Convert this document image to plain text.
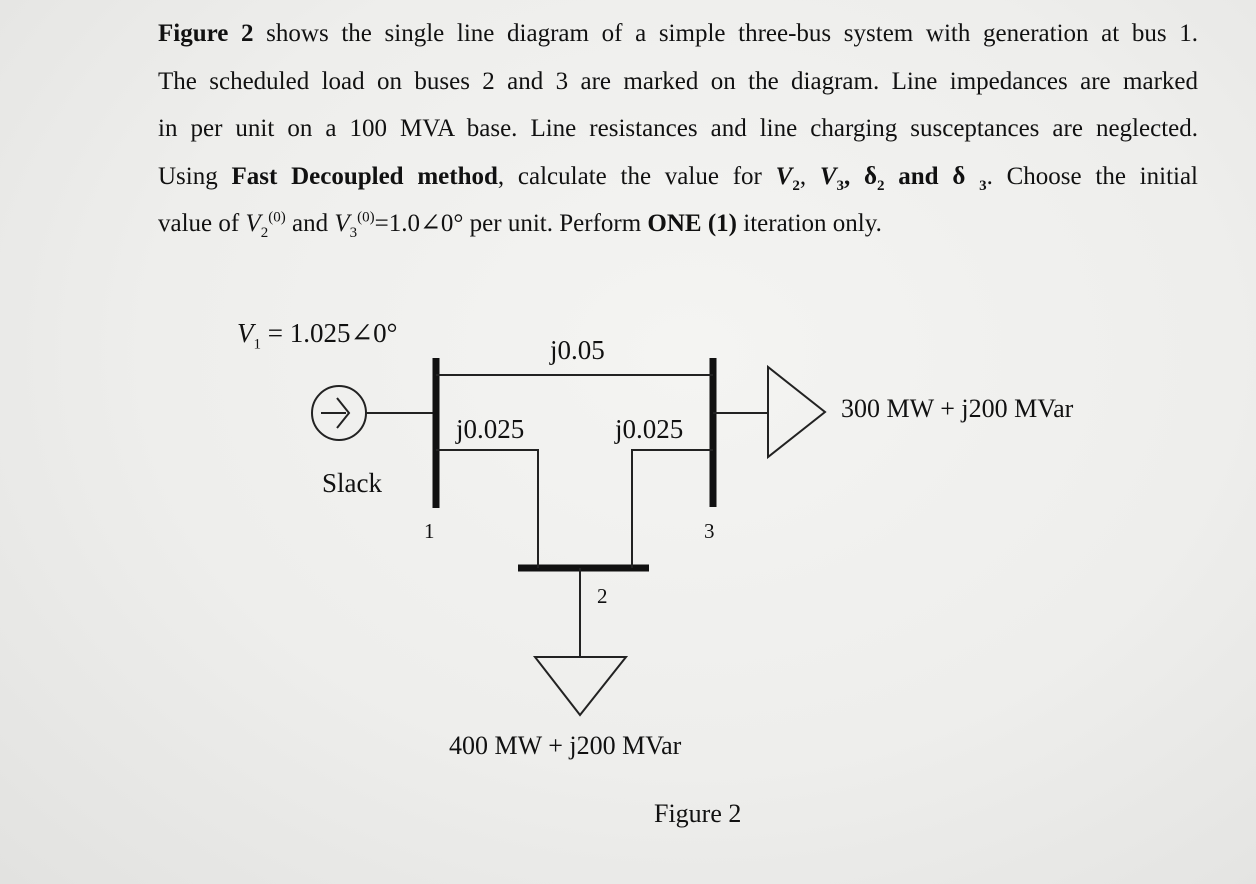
Figure 2 shows the single line diagram of a simple three-bus system with generation at bus 1.
The scheduled load on buses 2 and 3 are marked on the diagram. Line impedances are marked
in per unit on a 100 MVA base. Line resistances and line charging susceptances are neglected.
Using Fast Decoupled method, calculate the value for $V_2$, $V_3$, $\delta_2$ and δ $_3$. Choose the initial
value of $V_2^{(0)}$ and $V_3^{(0)}=1.0\angle 0^\circ$ per unit. Perform ONE (1) iteration only.
$V_1$ = 1.025∠0°
j0.05
j0.025	j0.025
Slack
1	3
2
300 MW + j200 MVar
400 MW + j200 MVar
Figure 2
